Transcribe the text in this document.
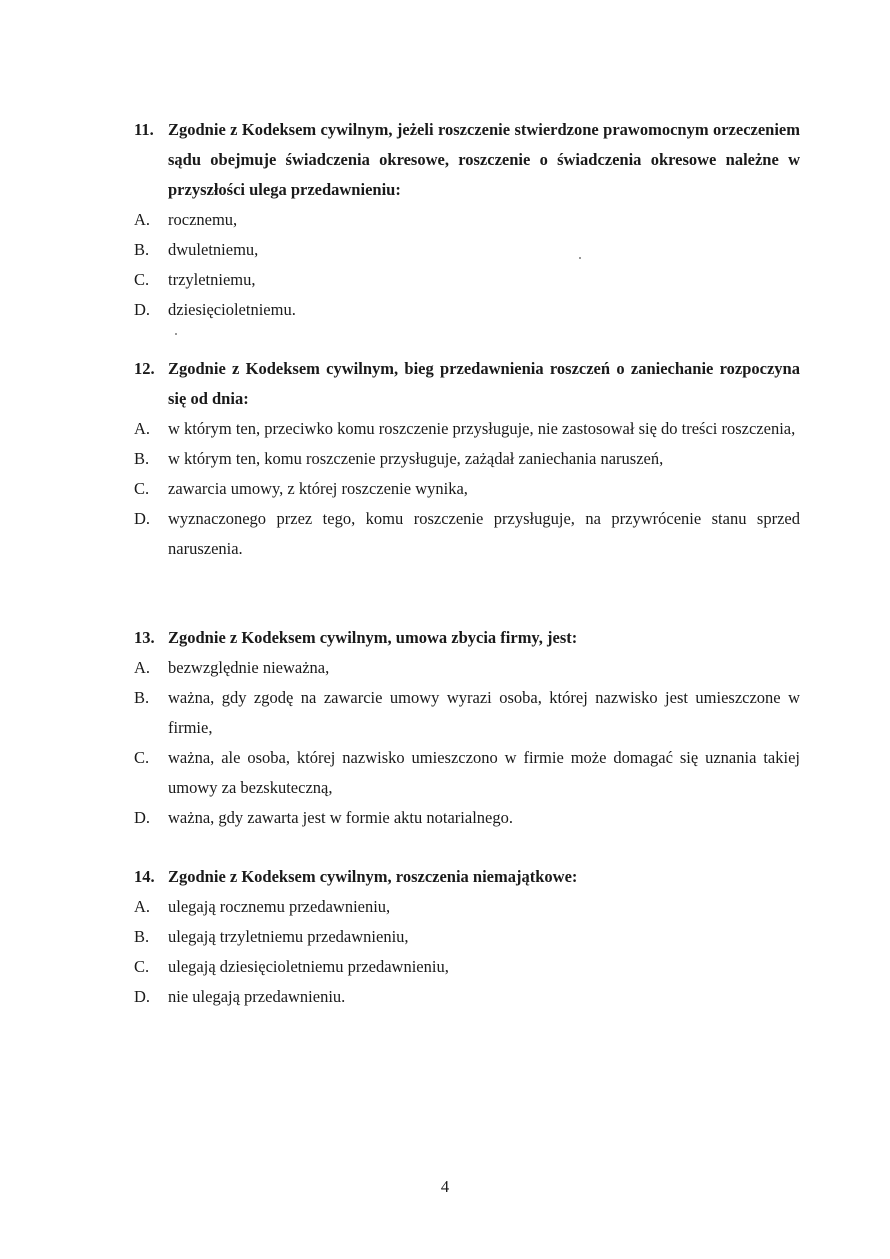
11. Zgodnie z Kodeksem cywilnym, jeżeli roszczenie stwierdzone prawomocnym orzeczeniem sądu obejmuje świadczenia okresowe, roszczenie o świadczenia okresowe należne w przyszłości ulega przedawnieniu:
A.	rocznemu,
B.	dwuletniemu,
C.	trzyletniemu,
D.	dziesięcioletniemu.
12. Zgodnie z Kodeksem cywilnym, bieg przedawnienia roszczeń o zaniechanie rozpoczyna się od dnia:
A.	w którym ten, przeciwko komu roszczenie przysługuje, nie zastosował się do treści roszczenia,
B.	w którym ten, komu roszczenie przysługuje, zażądał zaniechania naruszeń,
C.	zawarcia umowy, z której roszczenie wynika,
D.	wyznaczonego przez tego, komu roszczenie przysługuje, na przywrócenie stanu sprzed naruszenia.
13. Zgodnie z Kodeksem cywilnym, umowa zbycia firmy, jest:
A.	bezwzględnie nieważna,
B.	ważna, gdy zgodę na zawarcie umowy wyrazi osoba, której nazwisko jest umieszczone w firmie,
C.	ważna, ale osoba, której nazwisko umieszczono w firmie może domagać się uznania takiej umowy za bezskuteczną,
D.	ważna, gdy zawarta jest w formie aktu notarialnego.
14. Zgodnie z Kodeksem cywilnym, roszczenia niemajątkowe:
A.	ulegają rocznemu przedawnieniu,
B.	ulegają trzyletniemu przedawnieniu,
C.	ulegają dziesięcioletniemu przedawnieniu,
D.	nie ulegają przedawnieniu.
4
